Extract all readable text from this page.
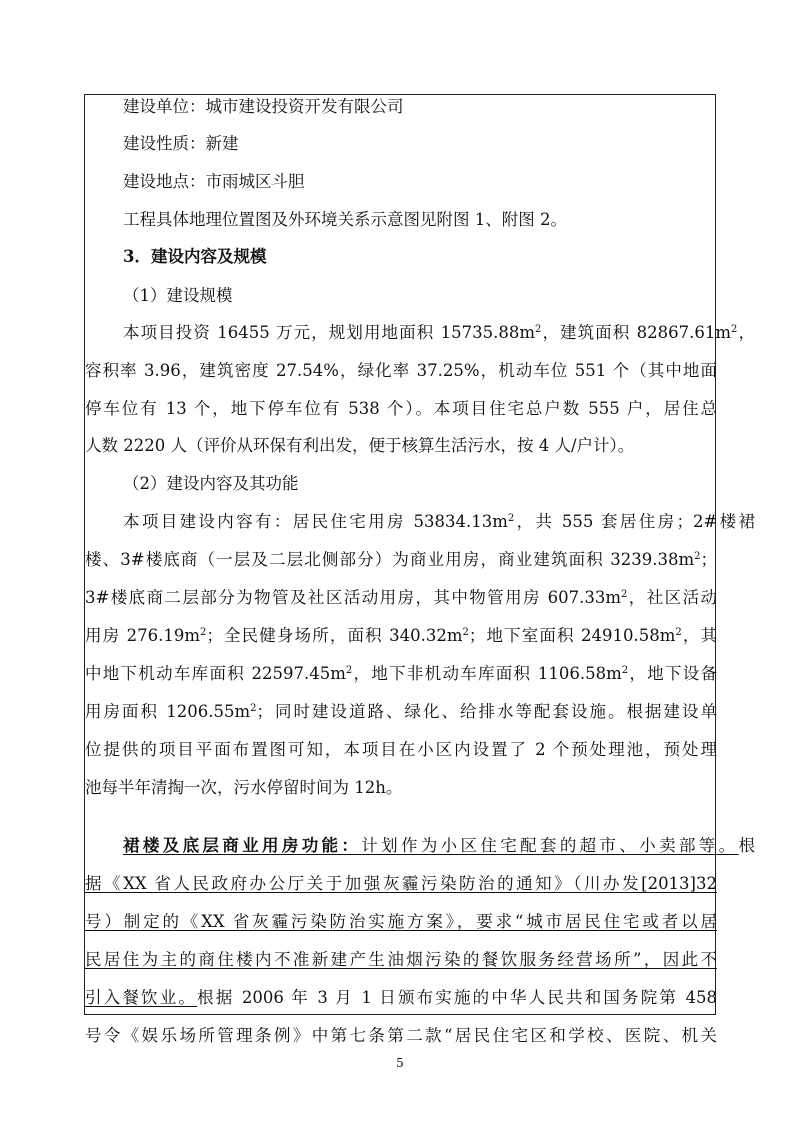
建设单位：城市建设投资开发有限公司
建设性质：新建
建设地点：市雨城区斗胆
工程具体地理位置图及外环境关系示意图见附图 1、附图 2。
3．建设内容及规模
（1）建设规模
本项目投资 16455 万元，规划用地面积 $15735.88m^2$，建筑面积 $82867.61m^2$，
容积率 3.96，建筑密度 27.54%，绿化率 37.25%，机动车位 551 个（其中地面
停车位有 13 个，地下停车位有 538 个）。本项目住宅总户数 555 户，居住总
人数 2220 人（评价从环保有利出发，便于核算生活污水，按 4 人/户计）。
（2）建设内容及其功能
本项目建设内容有：居民住宅用房 $53834.13m^2$，共 555 套居住房；2#楼裙
楼、3#楼底商（一层及二层北侧部分）为商业用房，商业建筑面积 $3239.38m^2$；
3#楼底商二层部分为物管及社区活动用房，其中物管用房 $607.33m^2$，社区活动
用房 $276.19m^2$；全民健身场所，面积 $340.32m^2$；地下室面积 $24910.58m^2$，其
中地下机动车库面积 $22597.45m^2$，地下非机动车库面积 $1106.58m^2$，地下设备
用房面积 $1206.55m^2$；同时建设道路、绿化、给排水等配套设施。根据建设单
位提供的项目平面布置图可知，本项目在小区内设置了 2 个预处理池，预处理
池每半年清掏一次，污水停留时间为 12h。
裙楼及底层商业用房功能：计划作为小区住宅配套的超市、小卖部等。根
据《XX 省人民政府办公厅关于加强灰霾污染防治的通知》（川办发[2013]32
号）制定的《XX 省灰霾污染防治实施方案》，要求“城市居民住宅或者以居
民居住为主的商住楼内不准新建产生油烟污染的餐饮服务经营场所”，因此不
引入餐饮业。根据 2006 年 3 月 1 日颁布实施的中华人民共和国务院第 458
号令《娱乐场所管理条例》中第七条第二款“居民住宅区和学校、医院、机关
5
